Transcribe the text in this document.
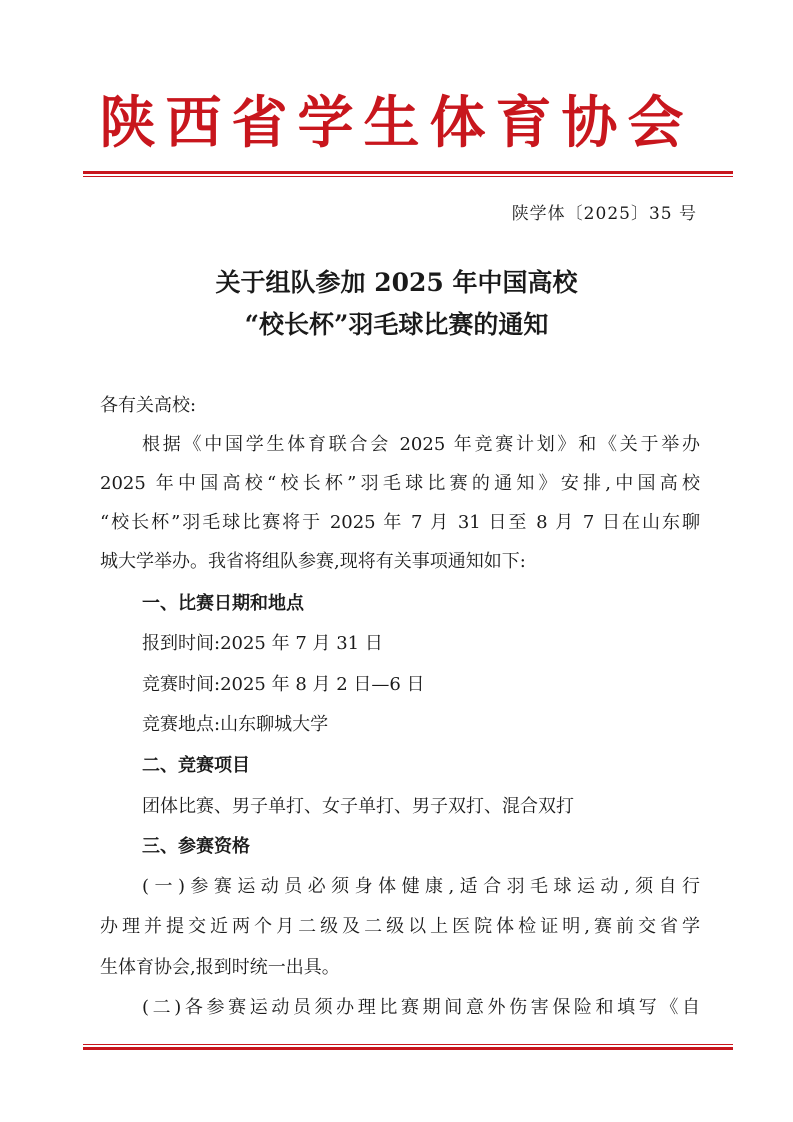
陕西省学生体育协会
陕学体〔2025〕35 号
关于组队参加 2025 年中国高校
“校长杯”羽毛球比赛的通知
各有关高校:
根据《中国学生体育联合会 2025 年竞赛计划》和《关于举办
2025 年中国高校“校长杯”羽毛球比赛的通知》安排,中国高校
“校长杯”羽毛球比赛将于 2025 年 7 月 31 日至 8 月 7 日在山东聊
城大学举办。我省将组队参赛,现将有关事项通知如下:
一、比赛日期和地点
报到时间:2025 年 7 月 31 日
竞赛时间:2025 年 8 月 2 日—6 日
竞赛地点:山东聊城大学
二、竞赛项目
团体比赛、男子单打、女子单打、男子双打、混合双打
三、参赛资格
(一)参赛运动员必须身体健康,适合羽毛球运动,须自行
办理并提交近两个月二级及二级以上医院体检证明,赛前交省学
生体育协会,报到时统一出具。
(二)各参赛运动员须办理比赛期间意外伤害保险和填写《自
